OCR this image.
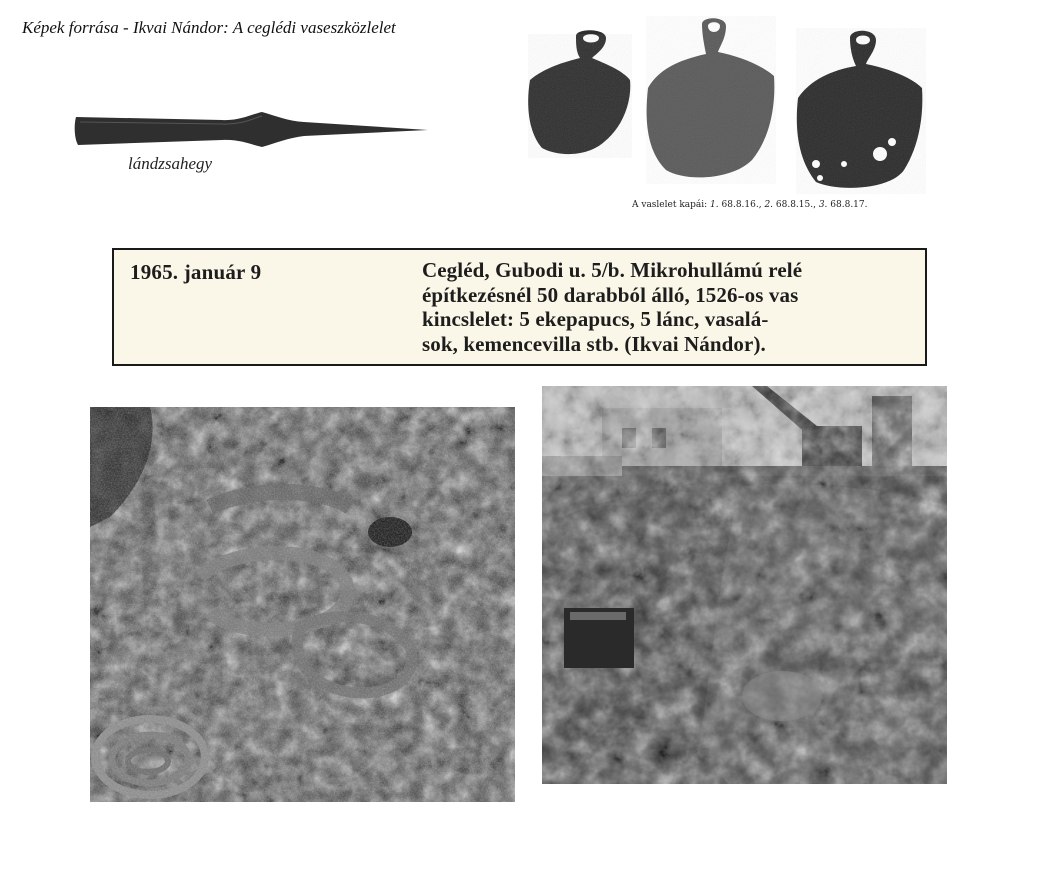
Képek forrása - Ikvai Nándor: A ceglédi vaseszközlelet
lándzsahegy
A vaslelet kapái: 1. 68.8.16., 2. 68.8.15., 3. 68.8.17.
1965. január 9	Cegléd, Gubodi u. 5/b. Mikrohullámú relé
építkezésnél 50 darabból álló, 1526-os vas
kincslelet: 5 ekepapucs, 5 lánc, vasalá-
sok, kemencevilla stb. (Ikvai Nándor).
